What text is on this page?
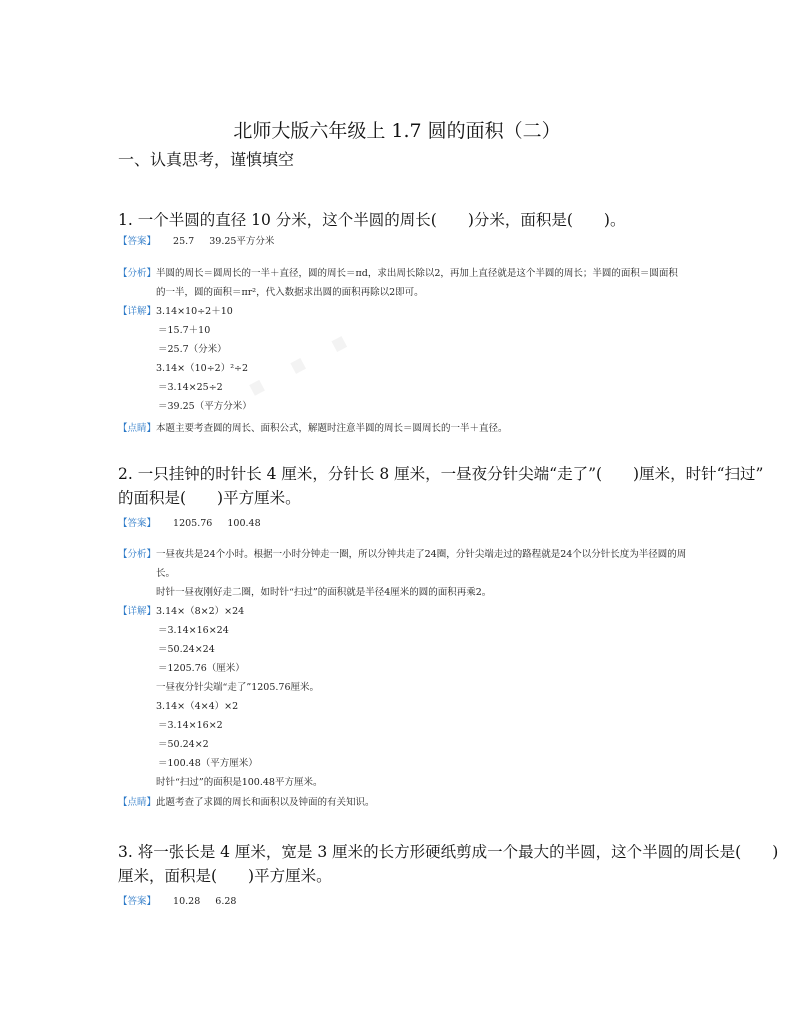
· · ·
北师大版六年级上 1.7 圆的面积（二）
一、认真思考，谨慎填空
1. 一个半圆的直径 10 分米，这个半圆的周长(　　)分米，面积是(　　)。
【答案】 25.7 39.25平方分米
【分析】半圆的周长＝圆周长的一半＋直径，圆的周长＝πd，求出周长除以2，再加上直径就是这个半圆的周长；半圆的面积＝圆面积
的一半，圆的面积＝πr²，代入数据求出圆的面积再除以2即可。
【详解】3.14×10÷2＋10
＝15.7＋10
＝25.7（分米）
3.14×（10÷2）²÷2
＝3.14×25÷2
＝39.25（平方分米）
【点睛】本题主要考查圆的周长、面积公式，解题时注意半圆的周长＝圆周长的一半＋直径。
2. 一只挂钟的时针长 4 厘米，分针长 8 厘米，一昼夜分针尖端“走了”(　　)厘米，时针“扫过”
的面积是(　　)平方厘米。
【答案】 1205.76 100.48
【分析】一昼夜共是24个小时。根据一小时分钟走一圈，所以分钟共走了24圈，分针尖端走过的路程就是24个以分针长度为半径圆的周
长。
时针一昼夜刚好走二圈，如时针“扫过”的面积就是半径4厘米的圆的面积再乘2。
【详解】3.14×（8×2）×24
＝3.14×16×24
＝50.24×24
＝1205.76（厘米）
一昼夜分针尖端“走了”1205.76厘米。
3.14×（4×4）×2
＝3.14×16×2
＝50.24×2
＝100.48（平方厘米）
时针“扫过”的面积是100.48平方厘米。
【点睛】此题考查了求圆的周长和面积以及钟面的有关知识。
3. 将一张长是 4 厘米，宽是 3 厘米的长方形硬纸剪成一个最大的半圆，这个半圆的周长是(　　)
厘米，面积是(　　)平方厘米。
【答案】 10.28 6.28
